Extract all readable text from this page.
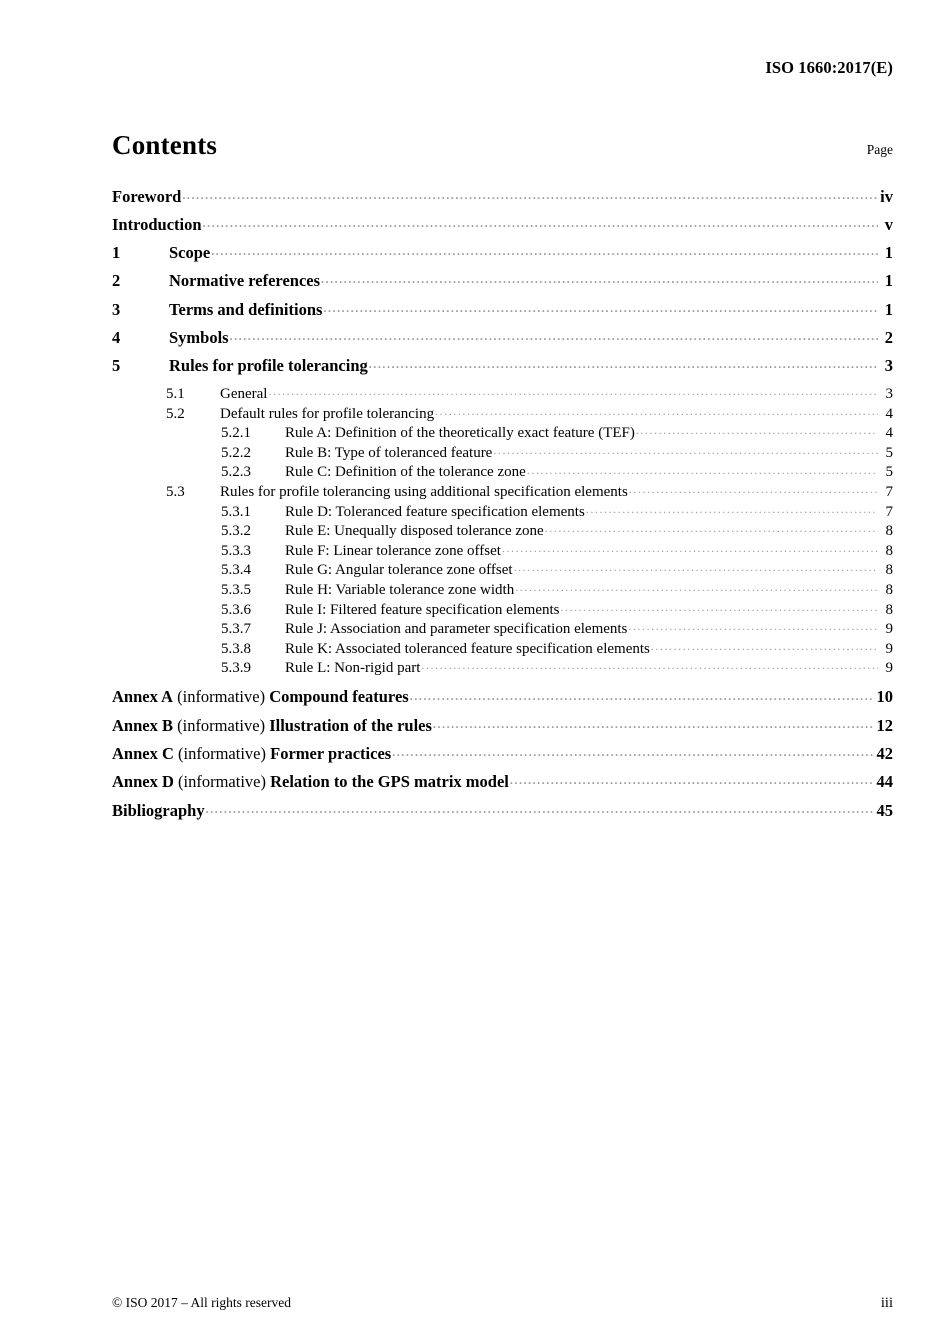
ISO 1660:2017(E)
Contents	Page
Foreword .....	iv
Introduction .....	v
1	Scope .....	1
2	Normative references .....	1
3	Terms and definitions .....	1
4	Symbols .....	2
5	Rules for profile tolerancing .....	3
5.1	General .....	3
5.2	Default rules for profile tolerancing .....	4
5.2.1	Rule A: Definition of the theoretically exact feature (TEF) .....	4
5.2.2	Rule B: Type of toleranced feature .....	5
5.2.3	Rule C: Definition of the tolerance zone .....	5
5.3	Rules for profile tolerancing using additional specification elements .....	7
5.3.1	Rule D: Toleranced feature specification elements .....	7
5.3.2	Rule E: Unequally disposed tolerance zone .....	8
5.3.3	Rule F: Linear tolerance zone offset .....	8
5.3.4	Rule G: Angular tolerance zone offset .....	8
5.3.5	Rule H: Variable tolerance zone width .....	8
5.3.6	Rule I: Filtered feature specification elements .....	8
5.3.7	Rule J: Association and parameter specification elements .....	9
5.3.8	Rule K: Associated toleranced feature specification elements .....	9
5.3.9	Rule L: Non-rigid part .....	9
Annex A (informative) Compound features .....	10
Annex B (informative) Illustration of the rules .....	12
Annex C (informative) Former practices .....	42
Annex D (informative) Relation to the GPS matrix model .....	44
Bibliography .....	45
© ISO 2017 – All rights reserved	iii
